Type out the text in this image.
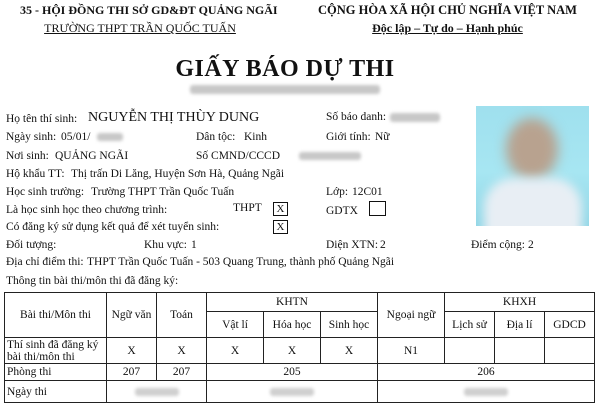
35 - HỘI ĐỒNG THI SỞ GD&ĐT QUẢNG NGÃI
TRƯỜNG THPT TRẦN QUỐC TUẤN
CỘNG HÒA XÃ HỘI CHỦ NGHĨA VIỆT NAM
Độc lập – Tự do – Hạnh phúc
GIẤY BÁO DỰ THI
Họ tên thí sinh: NGUYỄN THỊ THÙY DUNG	Số báo danh:
Ngày sinh: 05/01/	Dân tộc: Kinh	Giới tính: Nữ
Nơi sinh: QUẢNG NGÃI	Số CMND/CCCD
Hộ khẩu TT: Thị trấn Di Lăng, Huyện Sơn Hà, Quảng Ngãi
Học sinh trường: Trường THPT Trần Quốc Tuấn	Lớp: 12C01
Là học sinh học theo chương trình:	THPT	X	GDTX
Có đăng ký sử dụng kết quả để xét tuyển sinh:	X
Đối tượng:	Khu vực: 1	Diện XTN: 2	Điểm cộng: 2
Địa chỉ điểm thi: THPT Trần Quốc Tuấn - 503 Quang Trung, thành phố Quảng Ngãi
Thông tin bài thi/môn thi đã đăng ký:
Bài thi/Môn thi	Ngữ văn	Toán	KHTN			Ngoại ngữ	KHXH		
			Vật lí	Hóa học	Sinh học		Lịch sử	Địa lí	GDCD
Thí sinh đã đăng ký bài thi/môn thi	X	X	X	X	X	N1			
Phòng thi	207	207	205			206			
Ngày thi									
